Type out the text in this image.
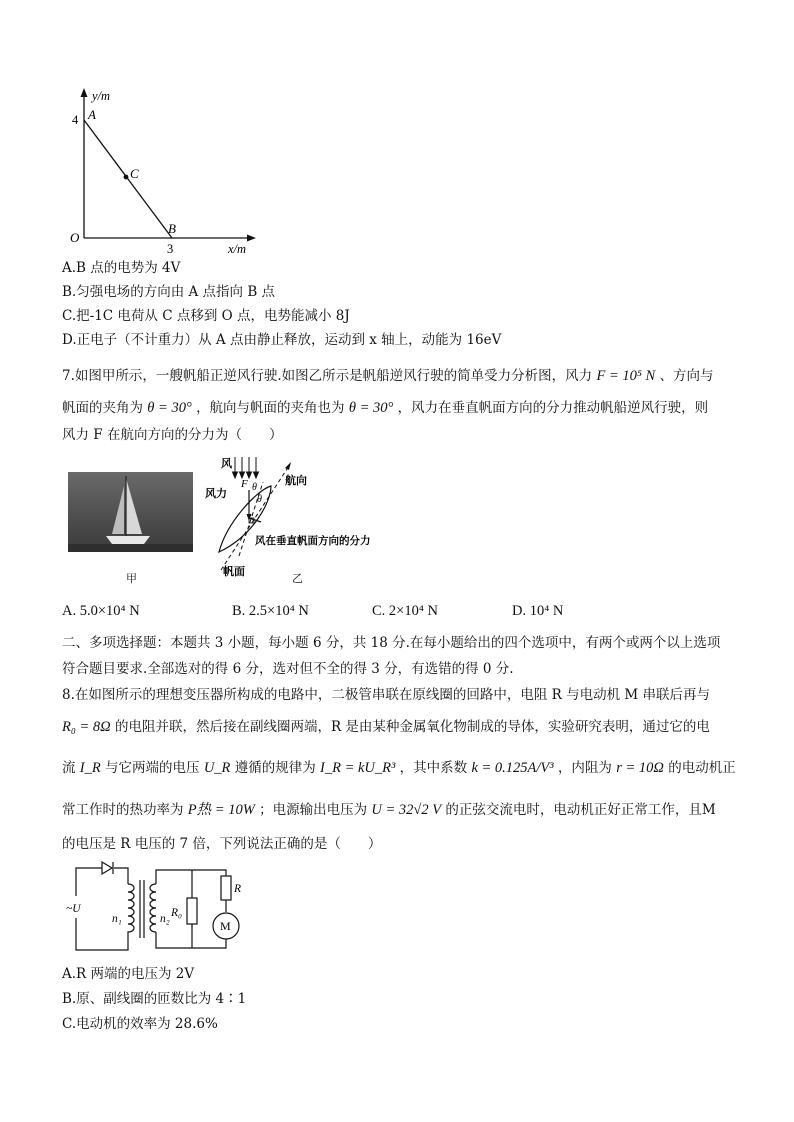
y/m
x/m
O
4
3
A
B
C
A.B 点的电势为 4V
B.匀强电场的方向由 A 点指向 B 点
C.把-1C 电荷从 C 点移到 O 点，电势能减小 8J
D.正电子（不计重力）从 A 点由静止释放，运动到 x 轴上，动能为 16eV
7.如图甲所示，一艘帆船正逆风行驶.如图乙所示是帆船逆风行驶的简单受力分析图，风力 F = 10⁵ N 、方向与
帆面的夹角为 θ = 30° ，航向与帆面的夹角也为 θ = 30° ，风力在垂直帆面方向的分力推动帆船逆风行驶，则
风力 F 在航向方向的分力为（　　）
甲
风
风力
F θ
θ
航向
风在垂直帆面方向的分力
帆面	乙
A. 5.0×10⁴ N	B. 2.5×10⁴ N	C. 2×10⁴ N	D. 10⁴ N
二、多项选择题：本题共 3 小题，每小题 6 分，共 18 分.在每小题给出的四个选项中，有两个或两个以上选项
符合题目要求.全部选对的得 6 分，选对但不全的得 3 分，有选错的得 0 分.
8.在如图所示的理想变压器所构成的电路中，二极管串联在原线圈的回路中，电阻 R 与电动机 M 串联后再与
R₀ = 8Ω 的电阻并联，然后接在副线圈两端，R 是由某种金属氧化物制成的导体，实验研究表明，通过它的电
流 I_R 与它两端的电压 U_R 遵循的规律为 I_R = kU_R³ ，其中系数 k = 0.125A/V³ ，内阻为 r = 10Ω 的电动机正
常工作时的热功率为 P热 = 10W ；电源输出电压为 U = 32√2 V 的正弦交流电时，电动机正好正常工作，且M
的电压是 R 电压的 7 倍，下列说法正确的是（　　）
~U
n₁	n₂ R₀
R
M
A.R 两端的电压为 2V
B.原、副线圈的匝数比为 4∶1
C.电动机的效率为 28.6%
